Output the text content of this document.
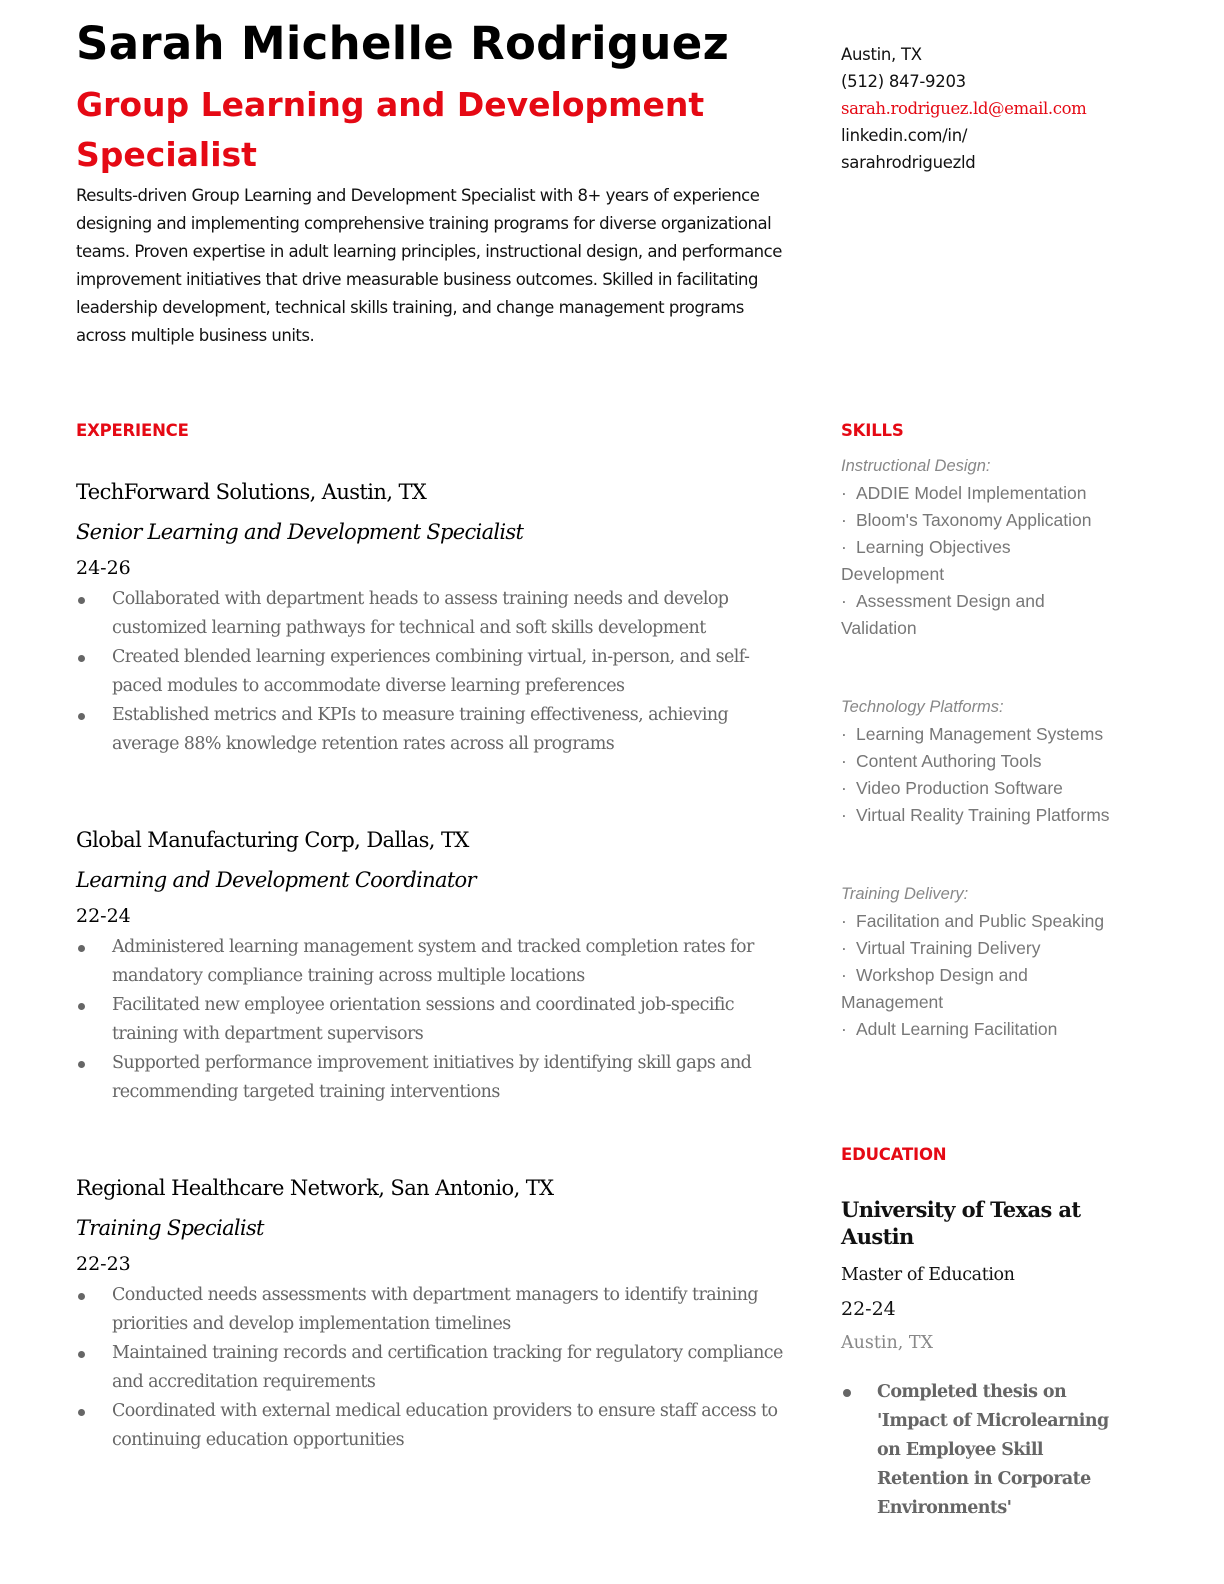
Sarah Michelle Rodriguez
Group Learning and Development Specialist

Results-driven Group Learning and Development Specialist with 8+ years of experience designing and implementing comprehensive training programs for diverse organizational teams. Proven expertise in adult learning principles, instructional design, and performance improvement initiatives that drive measurable business outcomes. Skilled in facilitating leadership development, technical skills training, and change management programs across multiple business units.

Austin, TX
(512) 847-9203
sarah.rodriguez.ld@email.com
linkedin.com/in/ sarahrodriguezld
EXPERIENCE
TechForward Solutions, Austin, TX
Senior Learning and Development Specialist
24-26
Collaborated with department heads to assess training needs and develop customized learning pathways for technical and soft skills development
Created blended learning experiences combining virtual, in-person, and self-paced modules to accommodate diverse learning preferences
Established metrics and KPIs to measure training effectiveness, achieving average 88% knowledge retention rates across all programs
Global Manufacturing Corp, Dallas, TX
Learning and Development Coordinator
22-24
Administered learning management system and tracked completion rates for mandatory compliance training across multiple locations
Facilitated new employee orientation sessions and coordinated job-specific training with department supervisors
Supported performance improvement initiatives by identifying skill gaps and recommending targeted training interventions
Regional Healthcare Network, San Antonio, TX
Training Specialist
22-23
Conducted needs assessments with department managers to identify training priorities and develop implementation timelines
Maintained training records and certification tracking for regulatory compliance and accreditation requirements
Coordinated with external medical education providers to ensure staff access to continuing education opportunities
SKILLS

Instructional Design:

· ADDIE Model Implementation

· Bloom's Taxonomy Application

· Learning Objectives Development

· Assessment Design and Validation

Technology Platforms:

· Learning Management Systems

· Content Authoring Tools

· Video Production Software

· Virtual Reality Training Platforms

Training Delivery:

· Facilitation and Public Speaking

· Virtual Training Delivery

· Workshop Design and Management

· Adult Learning Facilitation

EDUCATION
University of Texas at Austin
Master of Education
22-24
Austin, TX
Completed thesis on 'Impact of Microlearning on Employee Skill Retention in Corporate Environments'
